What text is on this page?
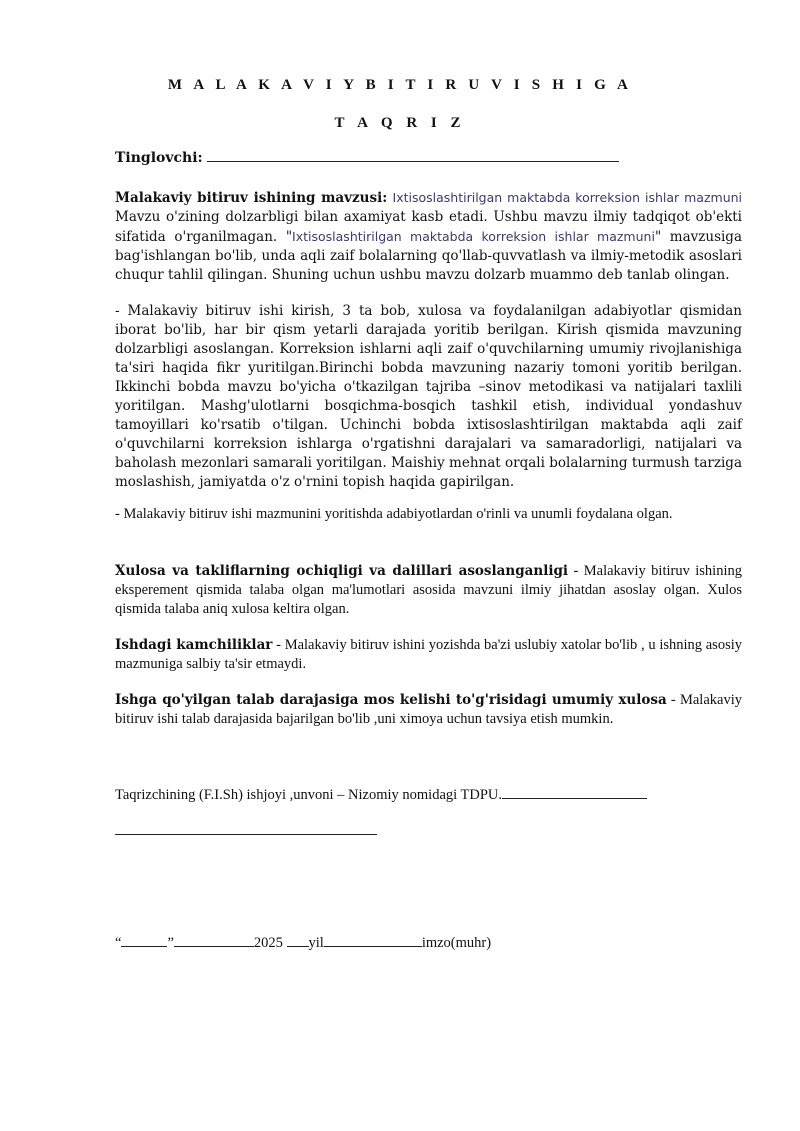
M A L A K A V I Y B I T I R U V I S H I G A
T A Q R I Z
Tinglovchi:

Malakaviy bitiruv ishining mavzusi: Ixtisoslashtirilgan maktabda korreksion ishlar mazmuni Mavzu o'zining dolzarbligi bilan axamiyat kasb etadi. Ushbu mavzu ilmiy tadqiqot ob'ekti sifatida o'rganilmagan. "Ixtisoslashtirilgan maktabda korreksion ishlar mazmuni" mavzusiga bag'ishlangan bo'lib, unda aqli zaif bolalarning qo'llab-quvvatlash va ilmiy-metodik asoslari chuqur tahlil qilingan. Shuning uchun ushbu mavzu dolzarb muammo deb tanlab olingan.

- Malakaviy bitiruv ishi kirish, 3 ta bob, xulosa va foydalanilgan adabiyotlar qismidan iborat bo'lib, har bir qism yetarli darajada yoritib berilgan. Kirish qismida mavzuning dolzarbligi asoslangan. Korreksion ishlarni aqli zaif o'quvchilarning umumiy rivojlanishiga ta'siri haqida fikr yuritilgan.Birinchi bobda mavzuning nazariy tomoni yoritib berilgan. Ikkinchi bobda mavzu bo'yicha o'tkazilgan tajriba –sinov metodikasi va natijalari taxlili yoritilgan. Mashg'ulotlarni bosqichma-bosqich tashkil etish, individual yondashuv tamoyillari ko'rsatib o'tilgan. Uchinchi bobda ixtisoslashtirilgan maktabda aqli zaif o'quvchilarni korreksion ishlarga o'rgatishni darajalari va samaradorligi, natijalari va baholash mezonlari samarali yoritilgan. Maishiy mehnat orqali bolalarning turmush tarziga moslashish, jamiyatda o'z o'rnini topish haqida gapirilgan.

- Malakaviy bitiruv ishi mazmunini yoritishda adabiyotlardan o'rinli va unumli foydalana olgan.

Xulosa va takliflarning ochiqligi va dalillari asoslanganligi - Malakaviy bitiruv ishining eksperement qismida talaba olgan ma'lumotlari asosida mavzuni ilmiy jihatdan asoslay olgan. Xulos qismida talaba aniq xulosa keltira olgan.

Ishdagi kamchiliklar - Malakaviy bitiruv ishini yozishda ba'zi uslubiy xatolar bo'lib , u ishning asosiy mazmuniga salbiy ta'sir etmaydi.

Ishga qo'yilgan talab darajasiga mos kelishi to'g'risidagi umumiy xulosa - Malakaviy bitiruv ishi talab darajasida bajarilgan bo'lib ,uni ximoya uchun tavsiya etish mumkin.

Taqrizchining (F.I.Sh) ishjoyi ,unvoni – Nizomiy nomidagi TDPU.
“	”	2025 yil	imzo(muhr)
